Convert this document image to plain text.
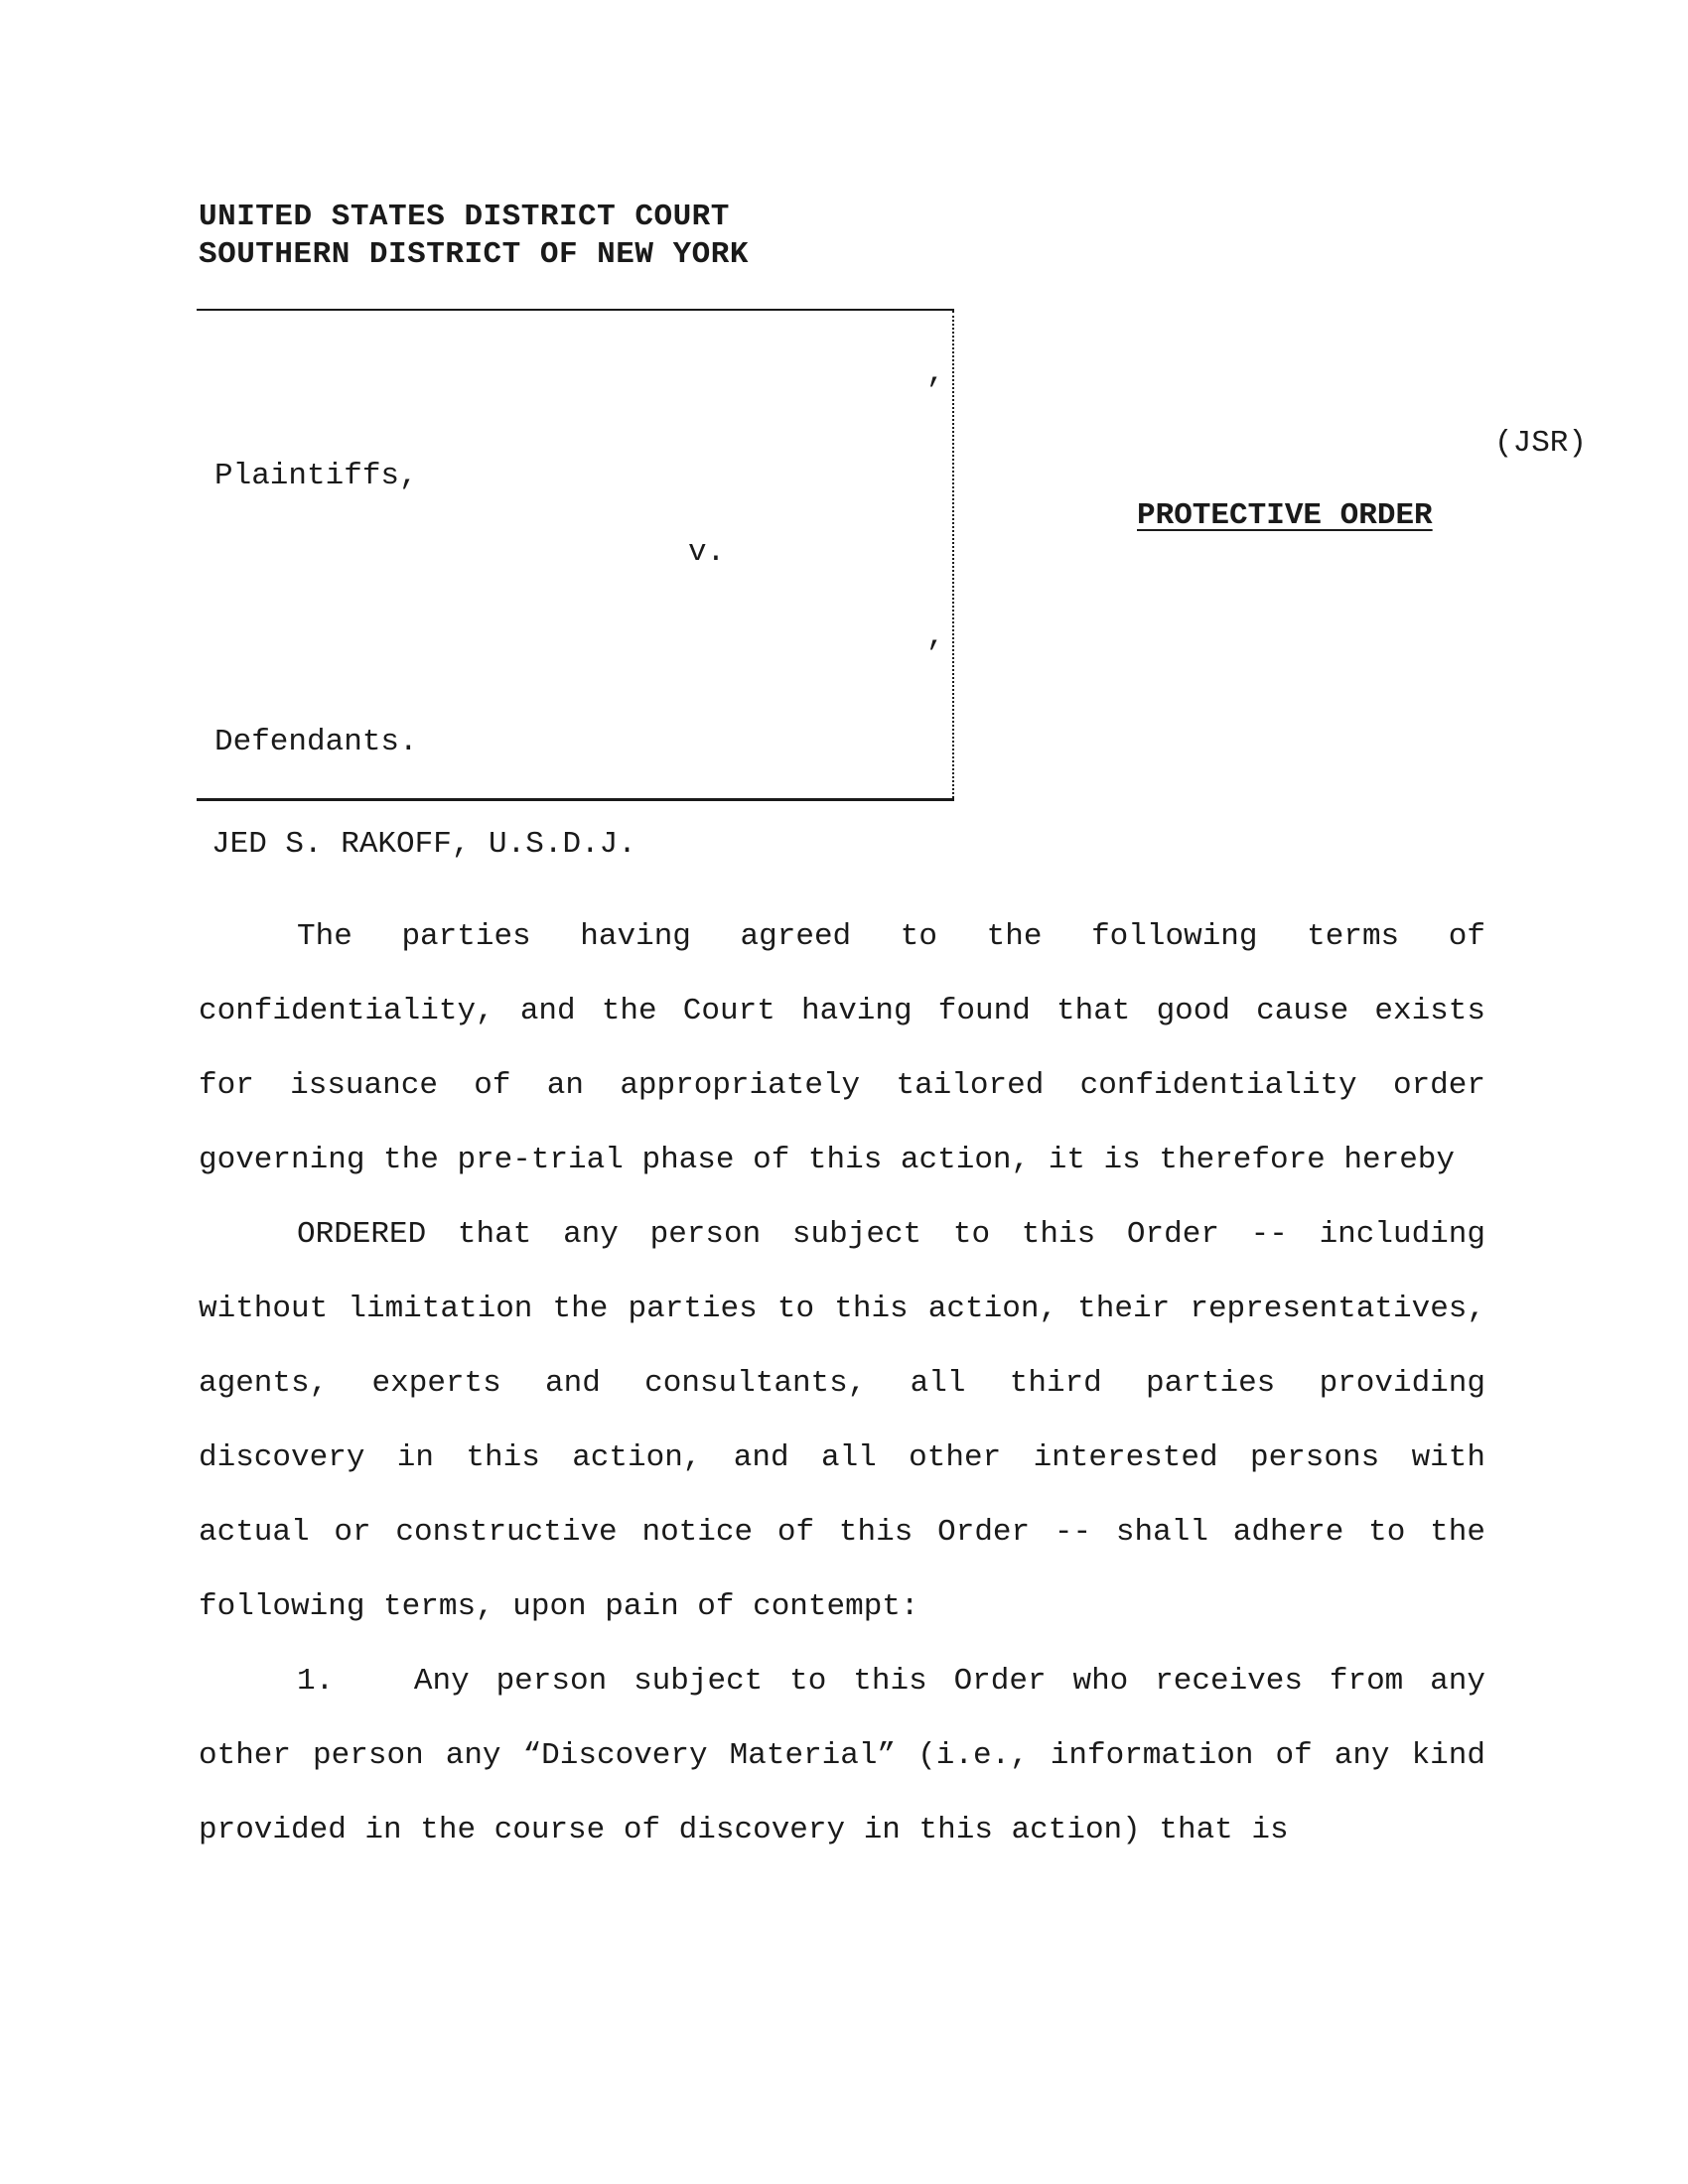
UNITED STATES DISTRICT COURT
SOUTHERN DISTRICT OF NEW YORK
,
Plaintiffs,
v.
,
Defendants.
(JSR)
PROTECTIVE ORDER
JED S. RAKOFF, U.S.D.J.

The parties having agreed to the following terms of confidentiality, and the Court having found that good cause exists for issuance of an appropriately tailored confidentiality order governing the pre-trial phase of this action, it is therefore hereby

ORDERED that any person subject to this Order -- including without limitation the parties to this action, their representatives, agents, experts and consultants, all third parties providing discovery in this action, and all other interested persons with actual or constructive notice of this Order -- shall adhere to the following terms, upon pain of contempt:

1.   Any person subject to this Order who receives from any other person any “Discovery Material” (i.e., information of any kind provided in the course of discovery in this action) that is
